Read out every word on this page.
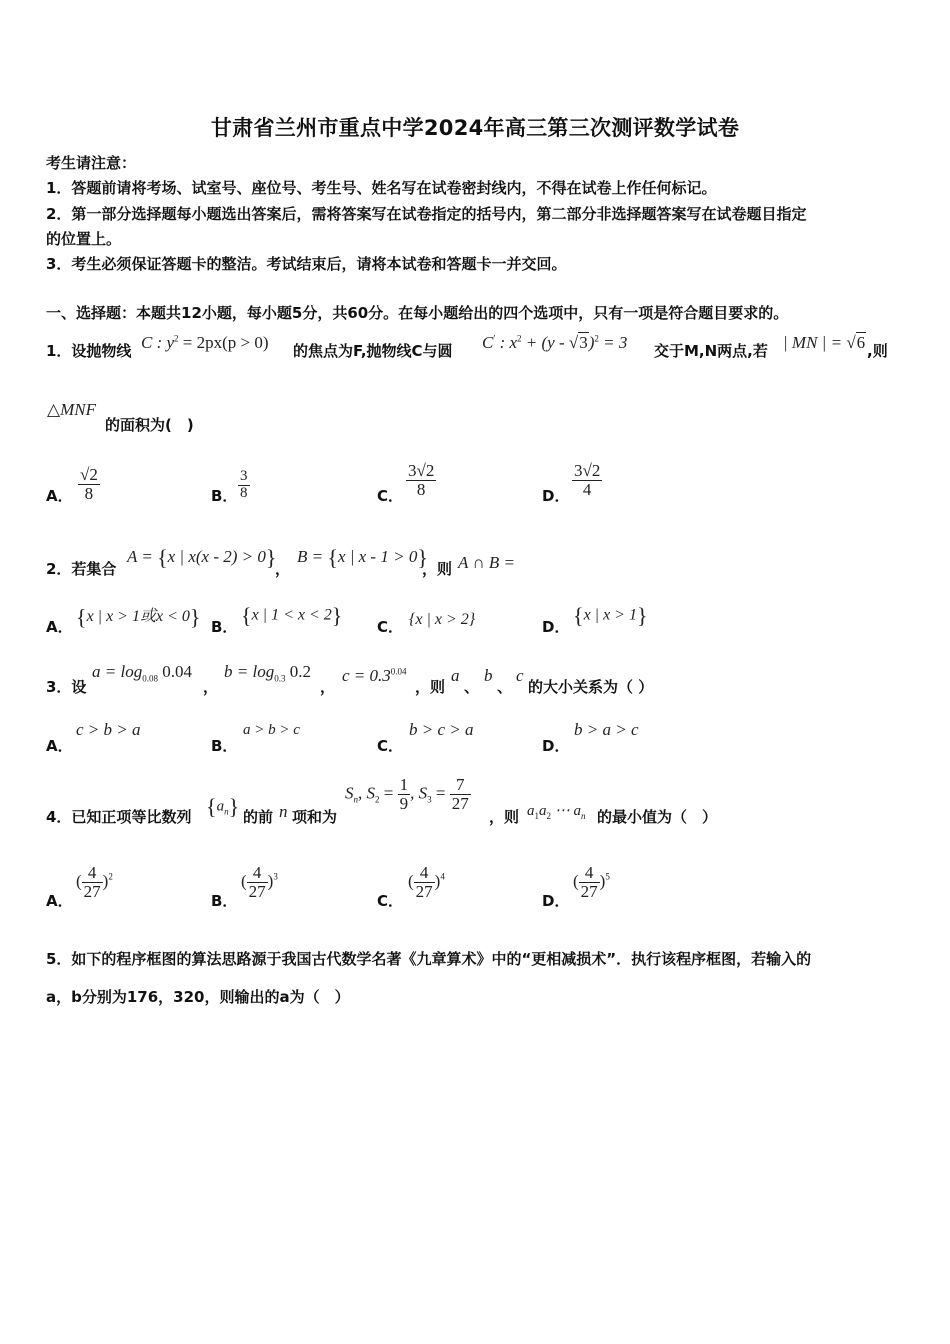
甘肃省兰州市重点中学2024年高三第三次测评数学试卷
考生请注意：
1．答题前请将考场、试室号、座位号、考生号、姓名写在试卷密封线内，不得在试卷上作任何标记。
2．第一部分选择题每小题选出答案后，需将答案写在试卷指定的括号内，第二部分非选择题答案写在试卷题目指定
的位置上。
3．考生必须保证答题卡的整洁。考试结束后，请将本试卷和答题卡一并交回。
一、选择题：本题共12小题，每小题5分，共60分。在每小题给出的四个选项中，只有一项是符合题目要求的。
1．设抛物线 C : $y^2 = 2px(p > 0)$ 的焦点为F,抛物线C与圆 C′ : $x^2 + (y - √3)^2 = 3$ 交于M,N两点,若 | MN | = √6 ,则
△MNF
的面积为(　)
A． $\frac{√2}{8}$	B． $\frac{3}{8}$	C． $\frac{3√2}{8}$	D． $\frac{3√2}{4}$
2．若集合
A = {x | x(x - 2) > 0}
，
B = {x | x - 1 > 0}
，则 A ∩ B =
A． {x | x > 1或x < 0} B． {x | 1 < x < 2} C． {x | x > 2}	D． {x | x > 1}
3．设
$a = \log_{0.08} 0.04$
，
$b = \log_{0.3} 0.2$
，
$c = 0.3^{0.04}$
，则
a
、
b
、
c
的大小关系为（ ）
A．
c > b > a
B．
a > b > c
C．
b > c > a
D．
b > a > c
4．已知正项等比数列 $\{a_n\}$ 的前 n 项和为
$S_n$, $S_2 = \frac{1}{9}$ , $S_3 = \frac{7}{27}$
，则 $a_1a_2$ ⋯ $a_n$ 的最小值为（　）
A．
( $\frac{4}{27} )^2$
B．
( $\frac{4}{27} )^3$
C．
( $\frac{4}{27} )^4$
D．
( $\frac{4}{27} )^5$
5．如下的程序框图的算法思路源于我国古代数学名著《九章算术》中的“更相减损术”．执行该程序框图，若输入的
a，b分别为176，320，则输出的a为（　）
